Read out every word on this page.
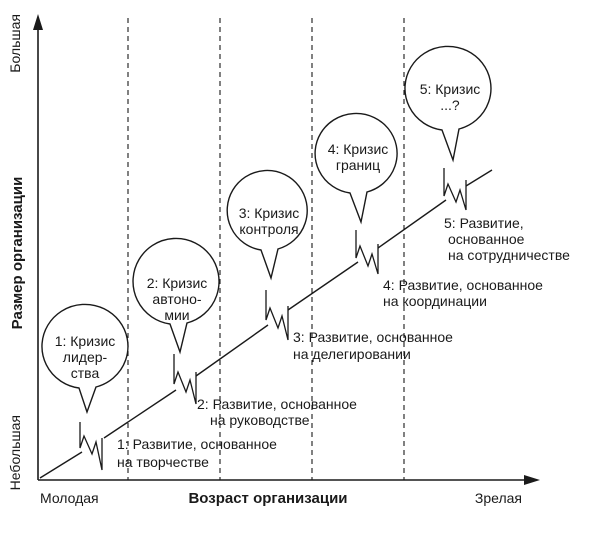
1: Кризис
лидер-
ства
2: Кризис
автоно-
мии
3: Кризис
контроля
4: Кризис
границ
5: Кризис
...?
1: Развитие, основанное
на творчестве
2: Развитие, основанное
на руководстве
3: Развитие, основанное
на делегировании
4: Развитие, основанное
на координации
5: Развитие,
основанное
на сотрудничестве
Молодая	Возраст организации	Зрелая
Большая
Размер организации
Небольшая
